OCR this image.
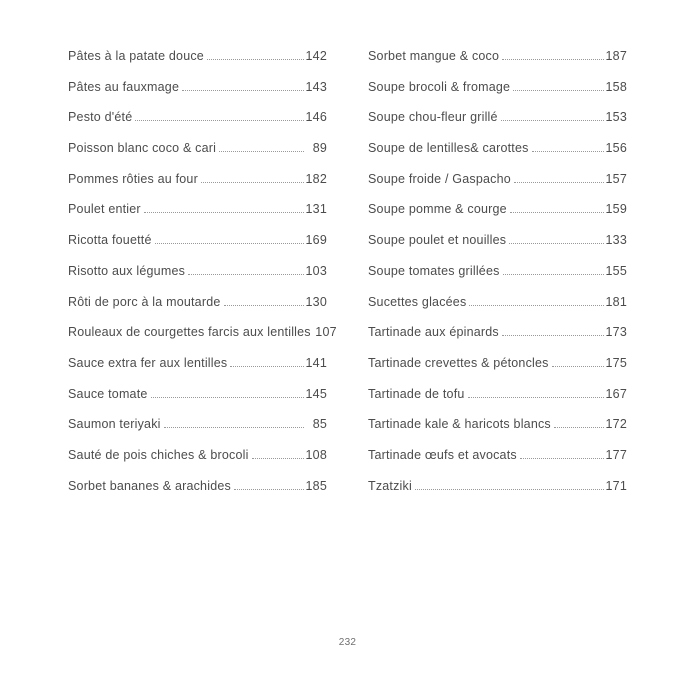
Pâtes à la patate douce	142
Pâtes au fauxmage	143
Pesto d'été	146
Poisson blanc coco & cari	89
Pommes rôties au four	182
Poulet entier	131
Ricotta fouetté	169
Risotto aux légumes	103
Rôti de porc à la moutarde	130
Rouleaux de courgettes farcis aux lentilles 107
Sauce extra fer aux lentilles	141
Sauce tomate	145
Saumon teriyaki	85
Sauté de pois chiches & brocoli	108
Sorbet bananes & arachides	185
Sorbet mangue & coco	187
Soupe brocoli & fromage	158
Soupe chou-fleur grillé	153
Soupe de lentilles& carottes	156
Soupe froide / Gaspacho	157
Soupe pomme & courge	159
Soupe poulet et nouilles	133
Soupe tomates grillées	155
Sucettes glacées	181
Tartinade aux épinards	173
Tartinade crevettes & pétoncles	175
Tartinade de tofu	167
Tartinade kale & haricots blancs	172
Tartinade œufs et avocats	177
Tzatziki	171
232
